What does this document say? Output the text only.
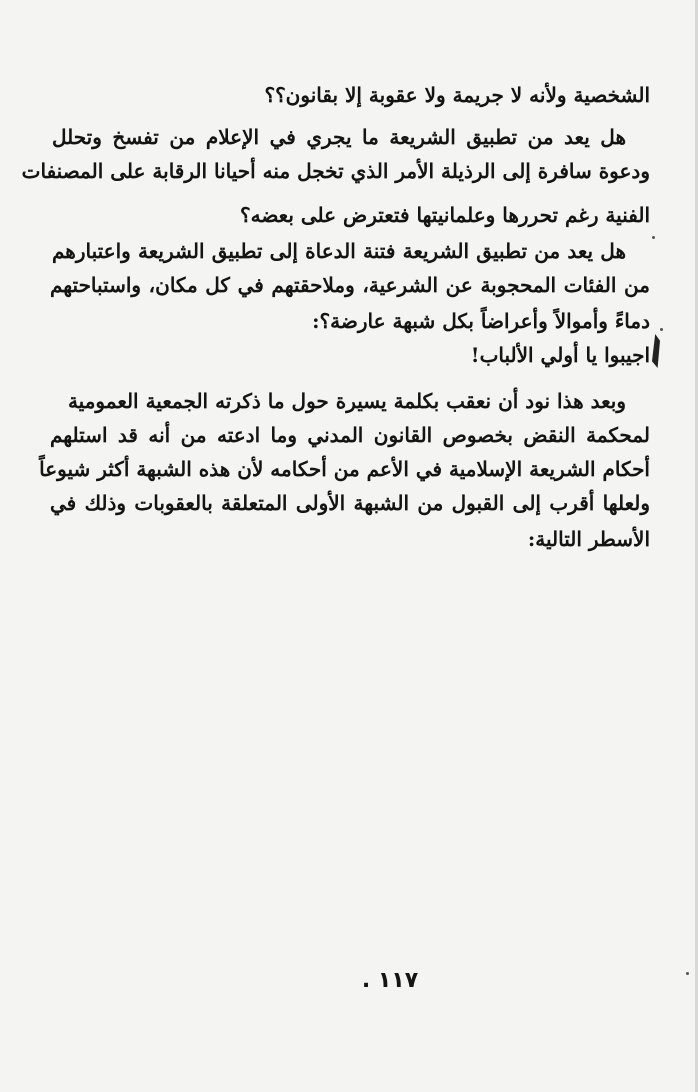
الشخصية ولأنه لا جريمة ولا عقوبة إلا بقانون؟؟
هل يعد من تطبيق الشريعة ما يجري في الإعلام من تفسخ وتحلل
ودعوة سافرة إلى الرذيلة الأمر الذي تخجل منه أحيانا الرقابة على المصنفات
الفنية رغم تحررها وعلمانيتها فتعترض على بعضه؟
هل يعد من تطبيق الشريعة فتنة الدعاة إلى تطبيق الشريعة واعتبارهم
من الفئات المحجوبة عن الشرعية، وملاحقتهم في كل مكان، واستباحتهم
دماءً وأموالاً وأعراضاً بكل شبهة عارضة؟:
اجيبوا يا أولي الألباب!
وبعد هذا نود أن نعقب بكلمة يسيرة حول ما ذكرته الجمعية العمومية
لمحكمة النقض بخصوص القانون المدني وما ادعته من أنه قد استلهم
أحكام الشريعة الإسلامية في الأعم من أحكامه لأن هذه الشبهة أكثر شيوعاً
ولعلها أقرب إلى القبول من الشبهة الأولى المتعلقة بالعقوبات وذلك في
الأسطر التالية:
١١٧ .
